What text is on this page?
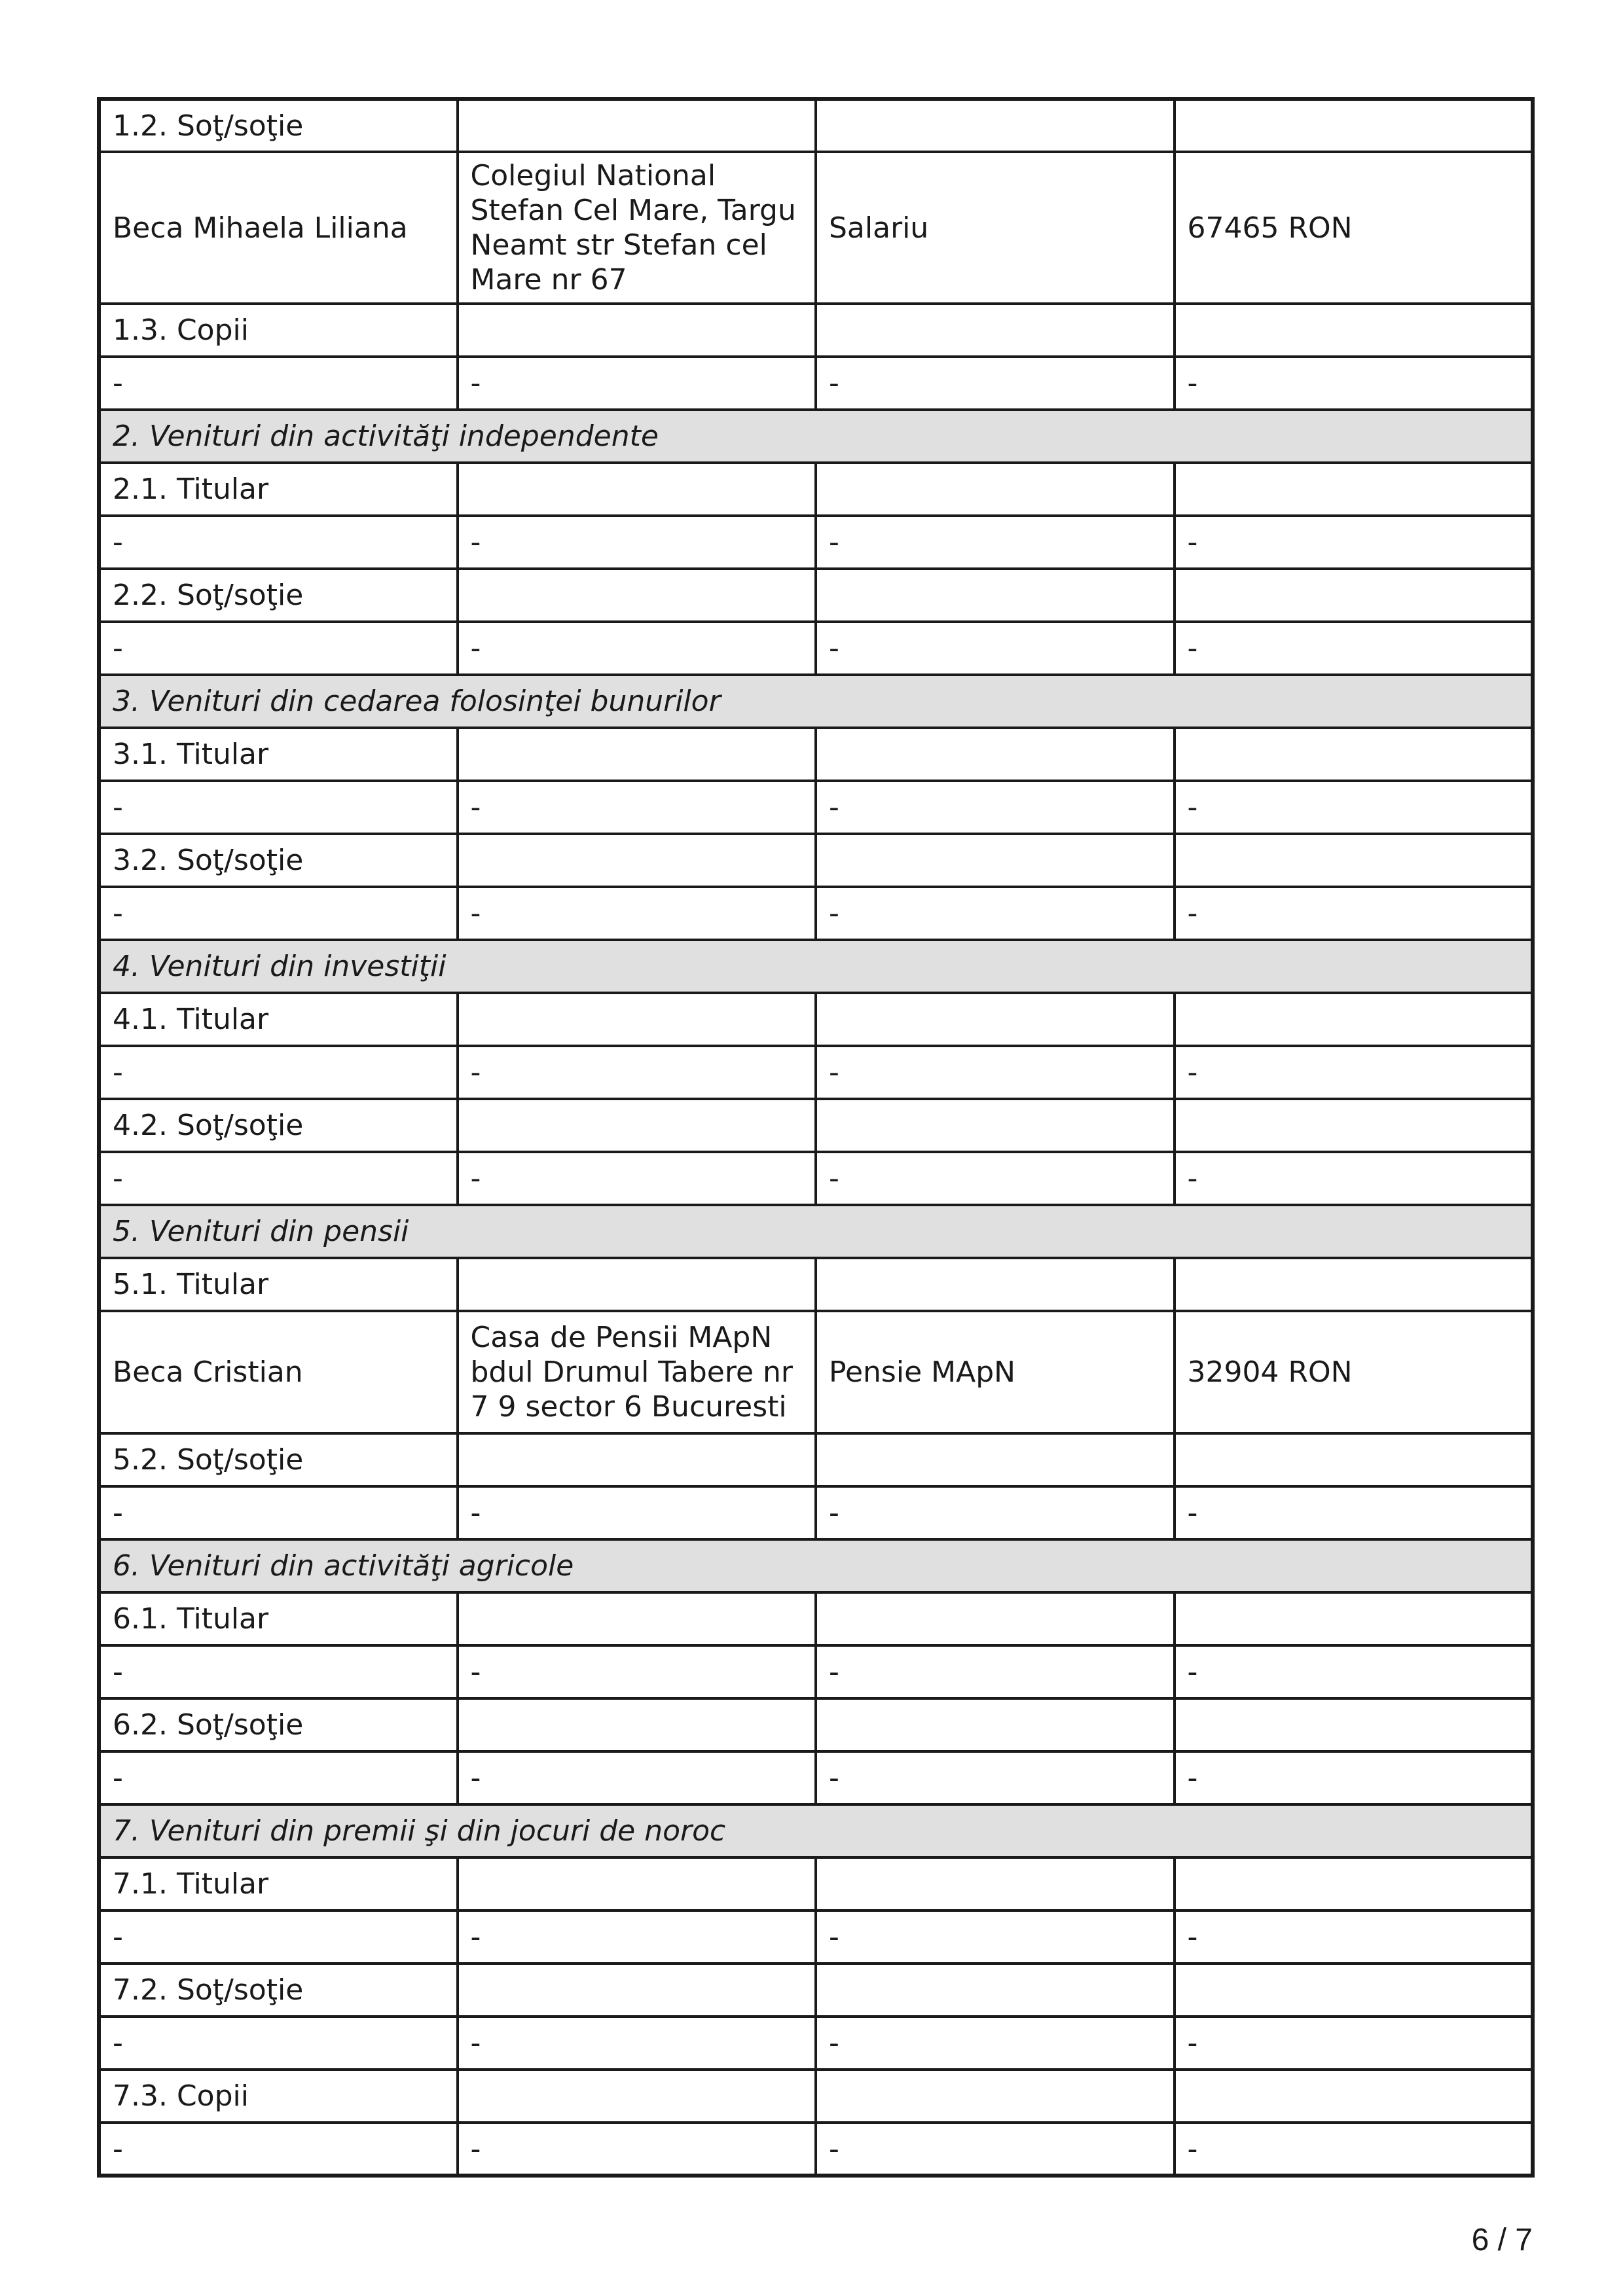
1.2. Soţ/soţie			
Beca Mihaela Liliana	Colegiul National Stefan Cel Mare, Targu Neamt str Stefan cel Mare nr 67	Salariu	67465 RON
1.3. Copii			
-	-	-	-
2. Venituri din activităţi independente			
2.1. Titular			
-	-	-	-
2.2. Soţ/soţie			
-	-	-	-
3. Venituri din cedarea folosinţei bunurilor			
3.1. Titular			
-	-	-	-
3.2. Soţ/soţie			
-	-	-	-
4. Venituri din investiţii			
4.1. Titular			
-	-	-	-
4.2. Soţ/soţie			
-	-	-	-
5. Venituri din pensii			
5.1. Titular			
Beca Cristian	Casa de Pensii MApN bdul Drumul Tabere nr 7 9 sector 6 Bucuresti	Pensie MApN	32904 RON
5.2. Soţ/soţie			
-	-	-	-
6. Venituri din activităţi agricole			
6.1. Titular			
-	-	-	-
6.2. Soţ/soţie			
-	-	-	-
7. Venituri din premii şi din jocuri de noroc			
7.1. Titular			
-	-	-	-
7.2. Soţ/soţie			
-	-	-	-
7.3. Copii			
-	-	-	-
6 / 7
